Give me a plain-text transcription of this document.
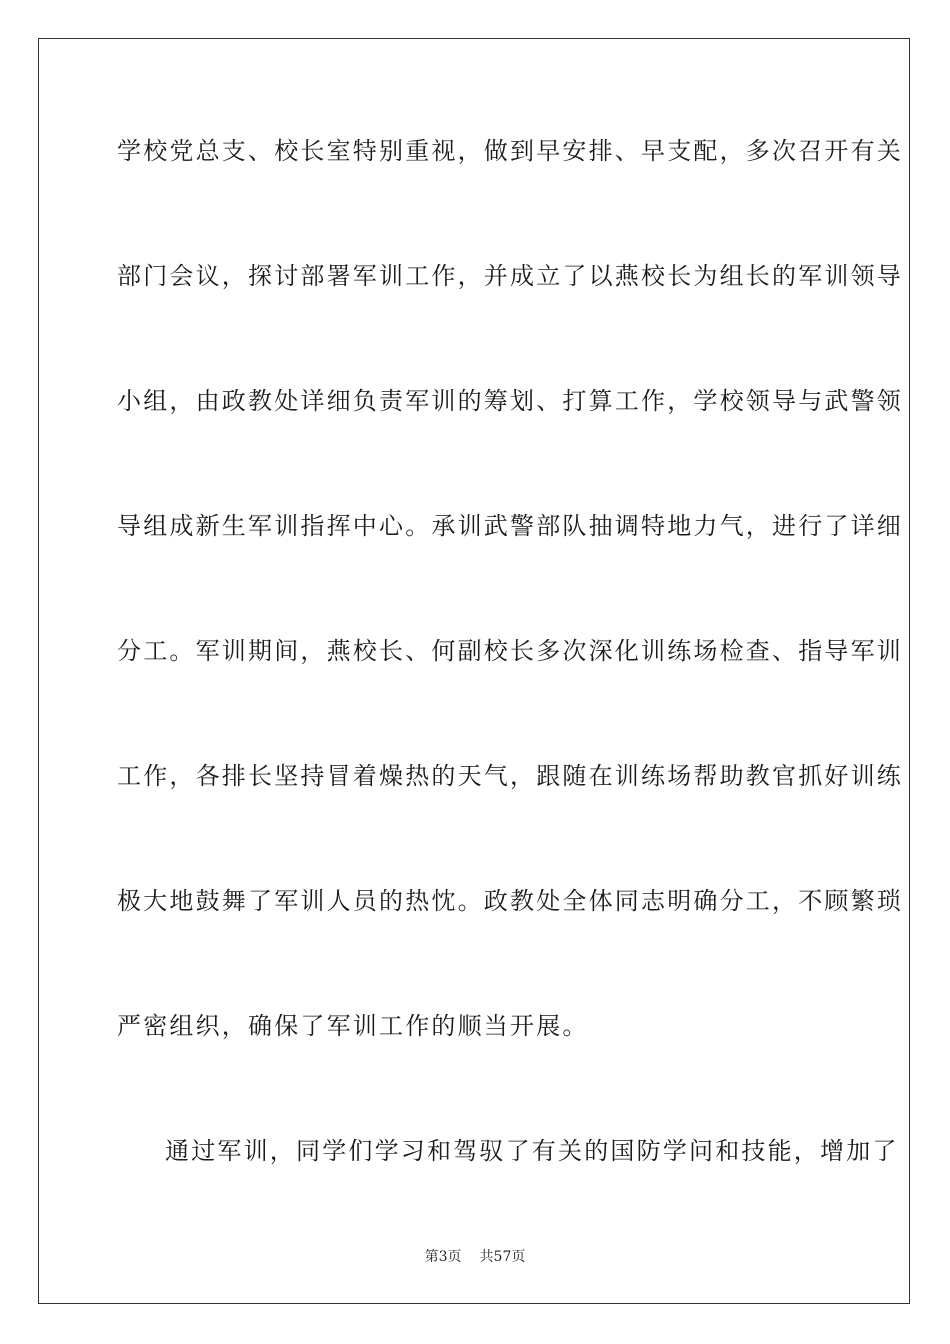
学校党总支、校长室特别重视，做到早安排、早支配，多次召开有关
部门会议，探讨部署军训工作，并成立了以燕校长为组长的军训领导
小组，由政教处详细负责军训的筹划、打算工作，学校领导与武警领
导组成新生军训指挥中心。承训武警部队抽调特地力气，进行了详细
分工。军训期间，燕校长、何副校长多次深化训练场检查、指导军训
工作，各排长坚持冒着燥热的天气，跟随在训练场帮助教官抓好训练
极大地鼓舞了军训人员的热忱。政教处全体同志明确分工，不顾繁琐
严密组织，确保了军训工作的顺当开展。
通过军训，同学们学习和驾驭了有关的国防学问和技能，增加了
第3页 共57页
